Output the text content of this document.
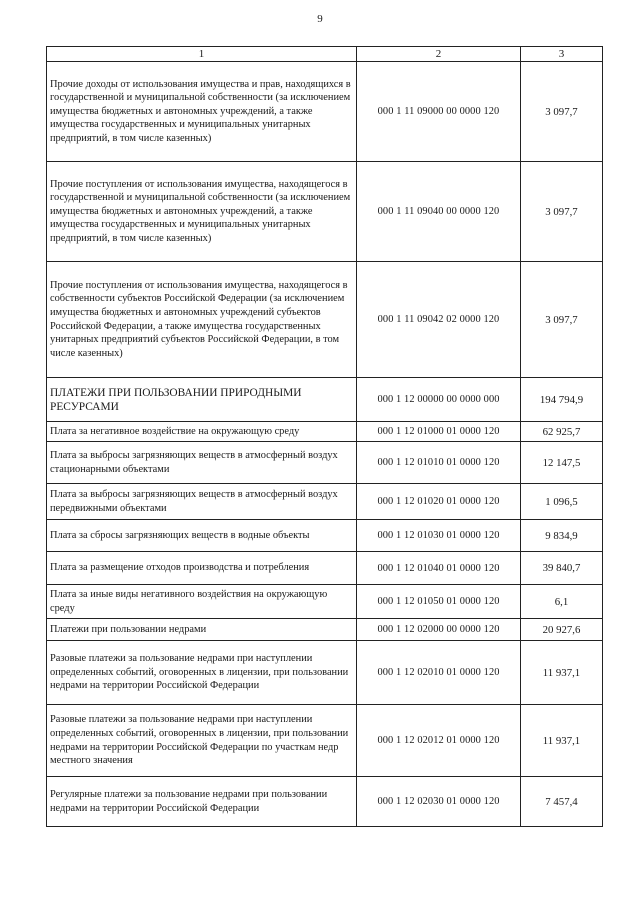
9
1	2	3
Прочие доходы от использования имущества и прав, находящихся в государственной и муниципальной собственности (за исключением имущества бюджетных и автономных учреждений, а также имущества государственных и муниципальных унитарных предприятий, в том числе казенных)	000 1 11 09000 00 0000 120	3 097,7
Прочие поступления от использования имущества, находящегося в государственной и муниципальной собственности (за исключением имущества бюджетных и автономных учреждений, а также имущества государственных и муниципальных унитарных предприятий, в том числе казенных)	000 1 11 09040 00 0000 120	3 097,7
Прочие поступления от использования имущества, находящегося в собственности субъектов Российской Федерации (за исключением имущества бюджетных и автономных учреждений субъектов Российской Федерации, а также имущества государственных унитарных предприятий субъектов Российской Федерации, в том числе казенных)	000 1 11 09042 02 0000 120	3 097,7
ПЛАТЕЖИ ПРИ ПОЛЬЗОВАНИИ ПРИРОДНЫМИ РЕСУРСАМИ	000 1 12 00000 00 0000 000	194 794,9
Плата за негативное воздействие на окружающую среду	000 1 12 01000 01 0000 120	62 925,7
Плата за выбросы загрязняющих веществ в атмосферный воздух стационарными объектами	000 1 12 01010 01 0000 120	12 147,5
Плата за выбросы загрязняющих веществ в атмосферный воздух передвижными объектами	000 1 12 01020 01 0000 120	1 096,5
Плата за сбросы загрязняющих веществ в водные объекты	000 1 12 01030 01 0000 120	9 834,9
Плата за размещение отходов производства и потребления	000 1 12 01040 01 0000 120	39 840,7
Плата за иные виды негативного воздействия на окружающую среду	000 1 12 01050 01 0000 120	6,1
Платежи при пользовании недрами	000 1 12 02000 00 0000 120	20 927,6
Разовые платежи за пользование недрами при наступлении определенных событий, оговоренных в лицензии, при пользовании недрами на территории Российской Федерации	000 1 12 02010 01 0000 120	11 937,1
Разовые платежи за пользование недрами при наступлении определенных событий, оговоренных в лицензии, при пользовании недрами на территории Российской Федерации по участкам недр местного значения	000 1 12 02012 01 0000 120	11 937,1
Регулярные платежи за пользование недрами при пользовании недрами на территории Российской Федерации	000 1 12 02030 01 0000 120	7 457,4
